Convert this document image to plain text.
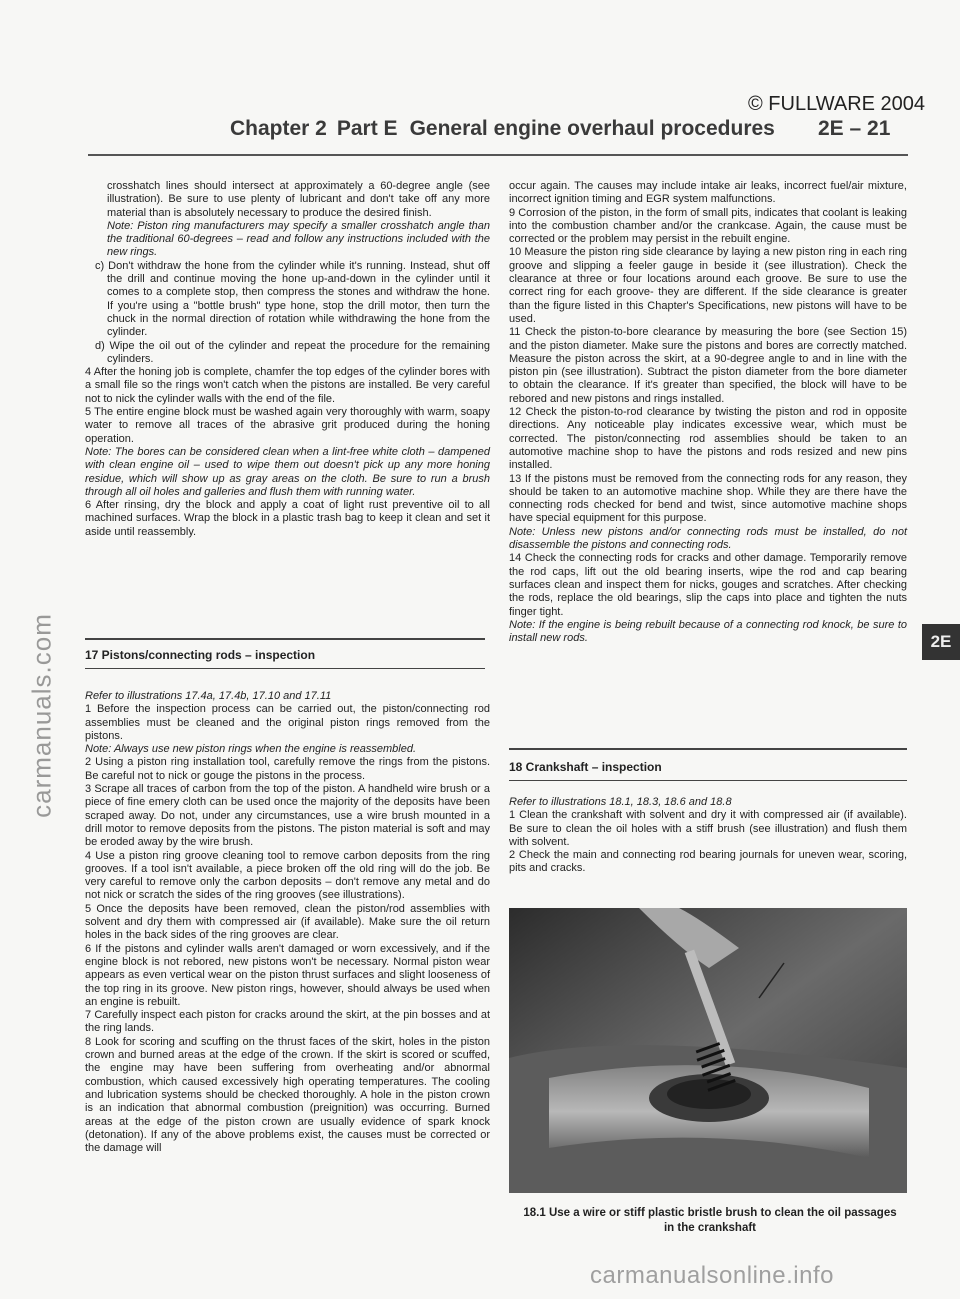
© FULLWARE 2004
carmanuals.com
carmanualsonline.info
Chapter 2 Part E General engine overhaul procedures 2E – 21

crosshatch lines should intersect at approximately a 60-degree angle (see illustration). Be sure to use plenty of lubricant and don't take off any more material than is absolutely necessary to produce the desired finish.

Note: Piston ring manufacturers may specify a smaller crosshatch angle than the traditional 60-degrees – read and follow any instructions included with the new rings.

c) Don't withdraw the hone from the cylinder while it's running. Instead, shut off the drill and continue moving the hone up-and-down in the cylinder until it comes to a complete stop, then compress the stones and withdraw the hone. If you're using a "bottle brush" type hone, stop the drill motor, then turn the chuck in the normal direction of rotation while withdrawing the hone from the cylinder.

d) Wipe the oil out of the cylinder and repeat the procedure for the remaining cylinders.

4 After the honing job is complete, chamfer the top edges of the cylinder bores with a small file so the rings won't catch when the pistons are installed. Be very careful not to nick the cylinder walls with the end of the file.

5 The entire engine block must be washed again very thoroughly with warm, soapy water to remove all traces of the abrasive grit produced during the honing operation.

Note: The bores can be considered clean when a lint-free white cloth – dampened with clean engine oil – used to wipe them out doesn't pick up any more honing residue, which will show up as gray areas on the cloth. Be sure to run a brush through all oil holes and galleries and flush them with running water.

6 After rinsing, dry the block and apply a coat of light rust preventive oil to all machined surfaces. Wrap the block in a plastic trash bag to keep it clean and set it aside until reassembly.

17 Pistons/connecting rods – inspection

Refer to illustrations 17.4a, 17.4b, 17.10 and 17.11

1 Before the inspection process can be carried out, the piston/connecting rod assemblies must be cleaned and the original piston rings removed from the pistons.

Note: Always use new piston rings when the engine is reassembled.

2 Using a piston ring installation tool, carefully remove the rings from the pistons. Be careful not to nick or gouge the pistons in the process.

3 Scrape all traces of carbon from the top of the piston. A handheld wire brush or a piece of fine emery cloth can be used once the majority of the deposits have been scraped away. Do not, under any circumstances, use a wire brush mounted in a drill motor to remove deposits from the pistons. The piston material is soft and may be eroded away by the wire brush.

4 Use a piston ring groove cleaning tool to remove carbon deposits from the ring grooves. If a tool isn't available, a piece broken off the old ring will do the job. Be very careful to remove only the carbon deposits – don't remove any metal and do not nick or scratch the sides of the ring grooves (see illustrations).

5 Once the deposits have been removed, clean the piston/rod assemblies with solvent and dry them with compressed air (if available). Make sure the oil return holes in the back sides of the ring grooves are clear.

6 If the pistons and cylinder walls aren't damaged or worn excessively, and if the engine block is not rebored, new pistons won't be necessary. Normal piston wear appears as even vertical wear on the piston thrust surfaces and slight looseness of the top ring in its groove. New piston rings, however, should always be used when an engine is rebuilt.

7 Carefully inspect each piston for cracks around the skirt, at the pin bosses and at the ring lands.

8 Look for scoring and scuffing on the thrust faces of the skirt, holes in the piston crown and burned areas at the edge of the crown. If the skirt is scored or scuffed, the engine may have been suffering from overheating and/or abnormal combustion, which caused excessively high operating temperatures. The cooling and lubrication systems should be checked thoroughly. A hole in the piston crown is an indication that abnormal combustion (preignition) was occurring. Burned areas at the edge of the piston crown are usually evidence of spark knock (detonation). If any of the above problems exist, the causes must be corrected or the damage will

occur again. The causes may include intake air leaks, incorrect fuel/air mixture, incorrect ignition timing and EGR system malfunctions.

9 Corrosion of the piston, in the form of small pits, indicates that coolant is leaking into the combustion chamber and/or the crankcase. Again, the cause must be corrected or the problem may persist in the rebuilt engine.

10 Measure the piston ring side clearance by laying a new piston ring in each ring groove and slipping a feeler gauge in beside it (see illustration). Check the clearance at three or four locations around each groove. Be sure to use the correct ring for each groove- they are different. If the side clearance is greater than the figure listed in this Chapter's Specifications, new pistons will have to be used.

11 Check the piston-to-bore clearance by measuring the bore (see Section 15) and the piston diameter. Make sure the pistons and bores are correctly matched. Measure the piston across the skirt, at a 90-degree angle to and in line with the piston pin (see illustration). Subtract the piston diameter from the bore diameter to obtain the clearance. If it's greater than specified, the block will have to be rebored and new pistons and rings installed.

12 Check the piston-to-rod clearance by twisting the piston and rod in opposite directions. Any noticeable play indicates excessive wear, which must be corrected. The piston/connecting rod assemblies should be taken to an automotive machine shop to have the pistons and rods resized and new pins installed.

13 If the pistons must be removed from the connecting rods for any reason, they should be taken to an automotive machine shop. While they are there have the connecting rods checked for bend and twist, since automotive machine shops have special equipment for this purpose.

Note: Unless new pistons and/or connecting rods must be installed, do not disassemble the pistons and connecting rods.

14 Check the connecting rods for cracks and other damage. Temporarily remove the rod caps, lift out the old bearing inserts, wipe the rod and cap bearing surfaces clean and inspect them for nicks, gouges and scratches. After checking the rods, replace the old bearings, slip the caps into place and tighten the nuts finger tight.

Note: If the engine is being rebuilt because of a connecting rod knock, be sure to install new rods.

18 Crankshaft – inspection

Refer to illustrations 18.1, 18.3, 18.6 and 18.8

1 Clean the crankshaft with solvent and dry it with compressed air (if available). Be sure to clean the oil holes with a stiff brush (see illustration) and flush them with solvent.

2 Check the main and connecting rod bearing journals for uneven wear, scoring, pits and cracks.

18.1 Use a wire or stiff plastic bristle brush to clean the oil passages in the crankshaft
2E
